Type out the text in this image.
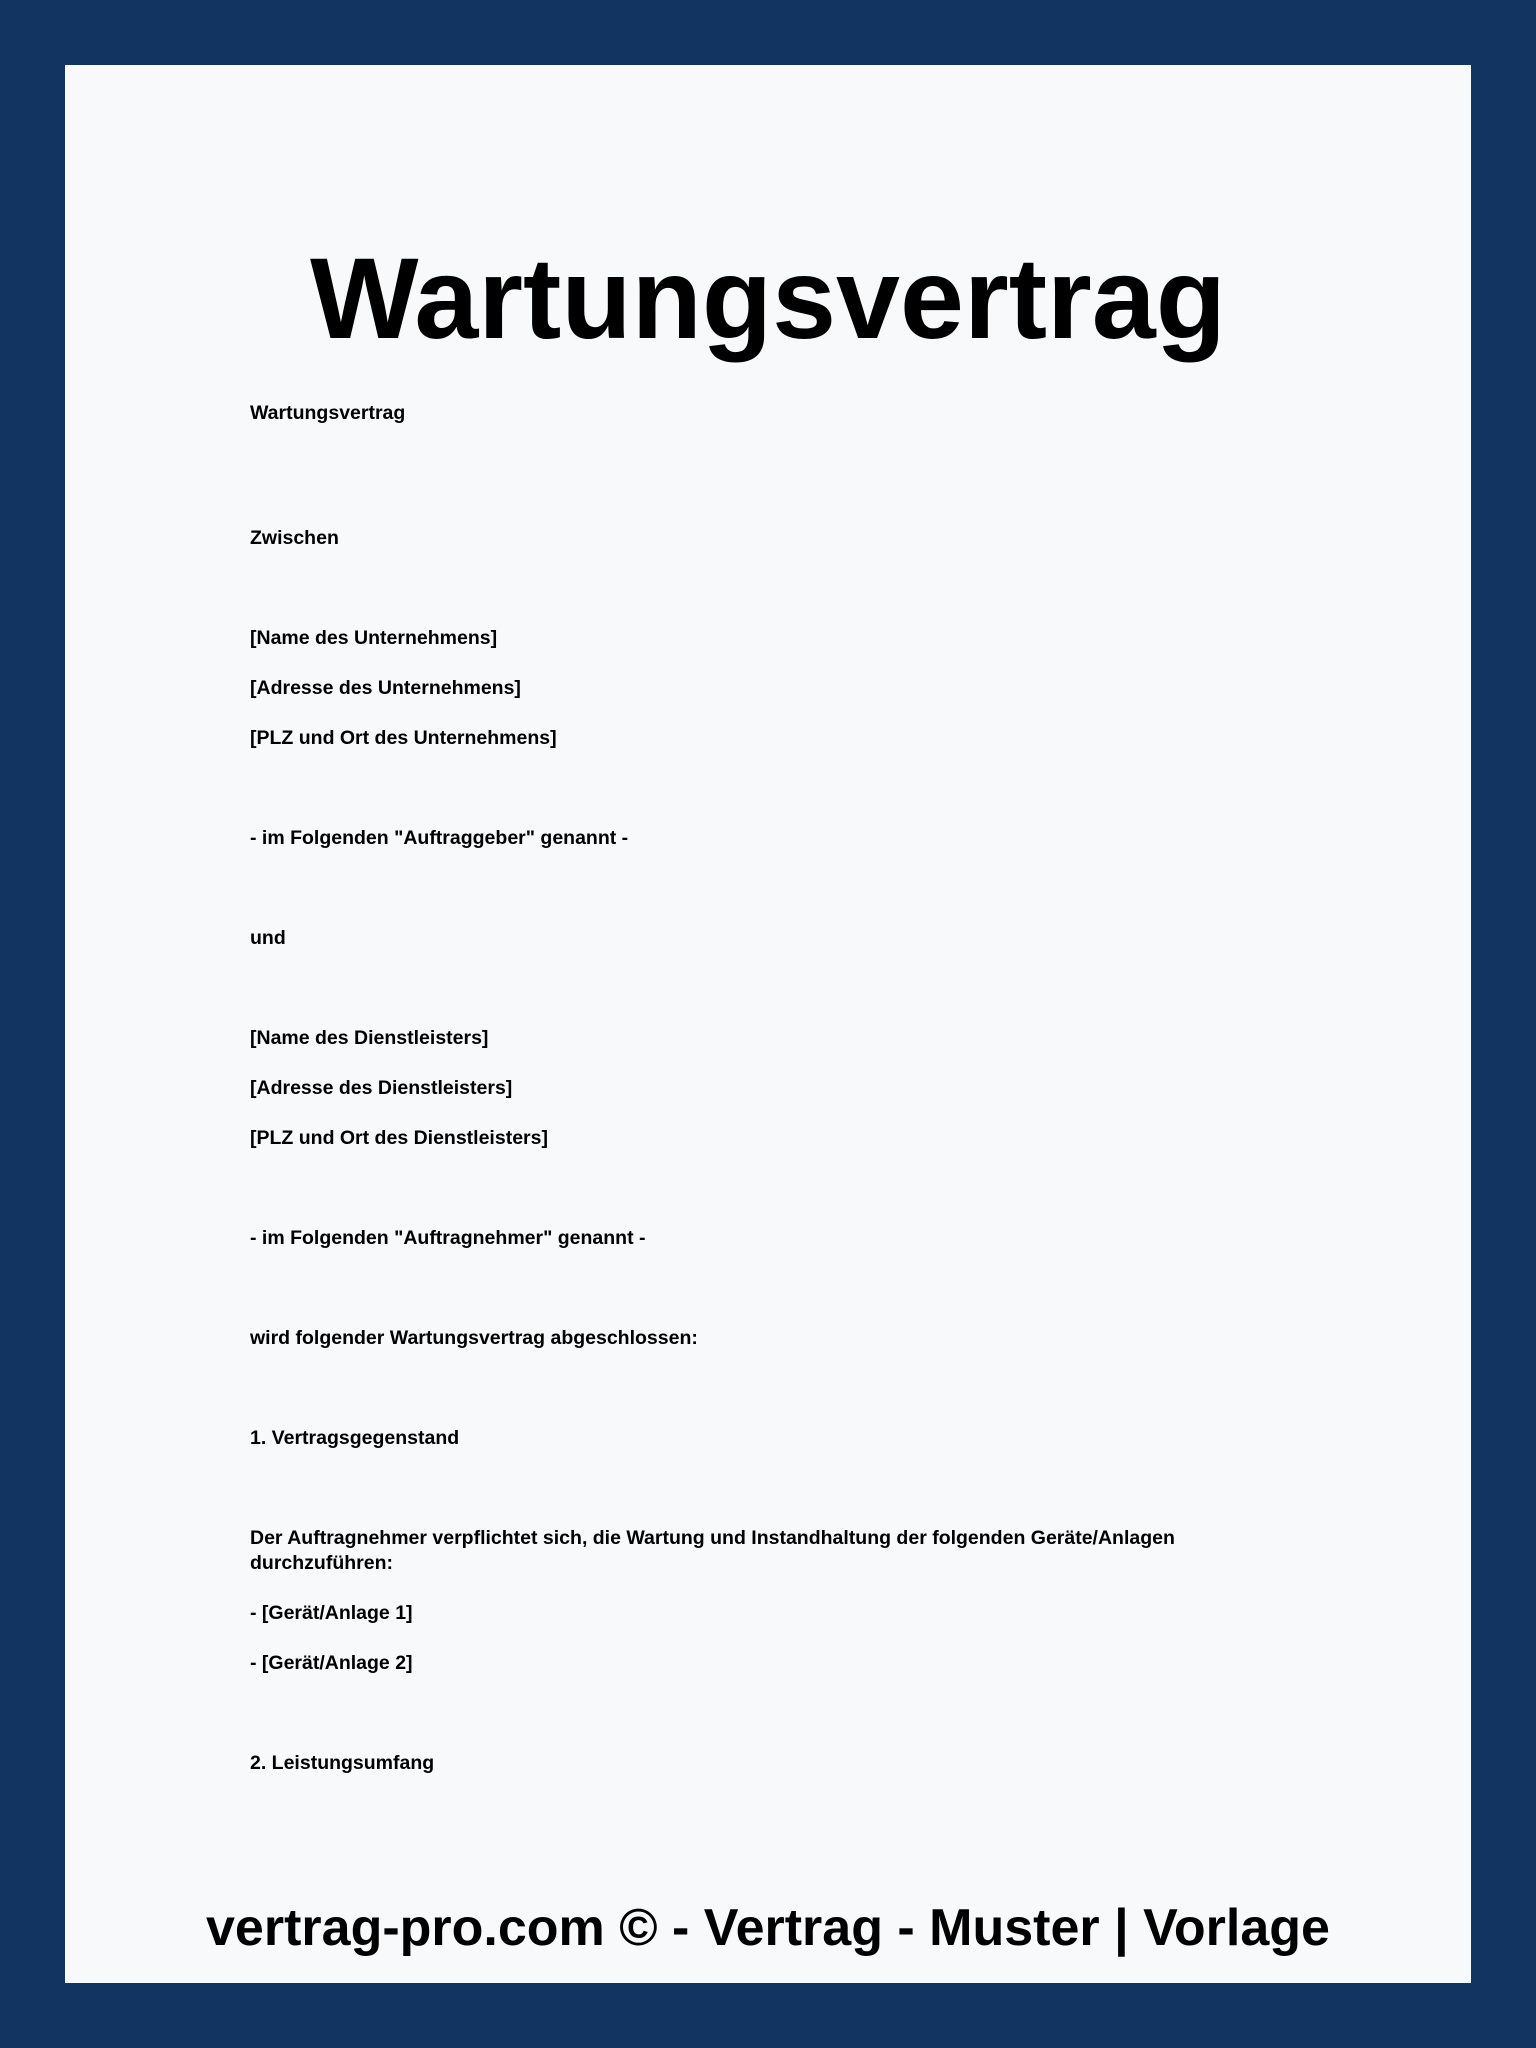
Wartungsvertrag
Wartungsvertrag
Zwischen
[Name des Unternehmens]
[Adresse des Unternehmens]
[PLZ und Ort des Unternehmens]
- im Folgenden "Auftraggeber" genannt -
und
[Name des Dienstleisters]
[Adresse des Dienstleisters]
[PLZ und Ort des Dienstleisters]
- im Folgenden "Auftragnehmer" genannt -
wird folgender Wartungsvertrag abgeschlossen:
1. Vertragsgegenstand
Der Auftragnehmer verpflichtet sich, die Wartung und Instandhaltung der folgenden Geräte/Anlagen durchzuführen:
- [Gerät/Anlage 1]
- [Gerät/Anlage 2]
2. Leistungsumfang
vertrag-pro.com © - Vertrag - Muster | Vorlage
